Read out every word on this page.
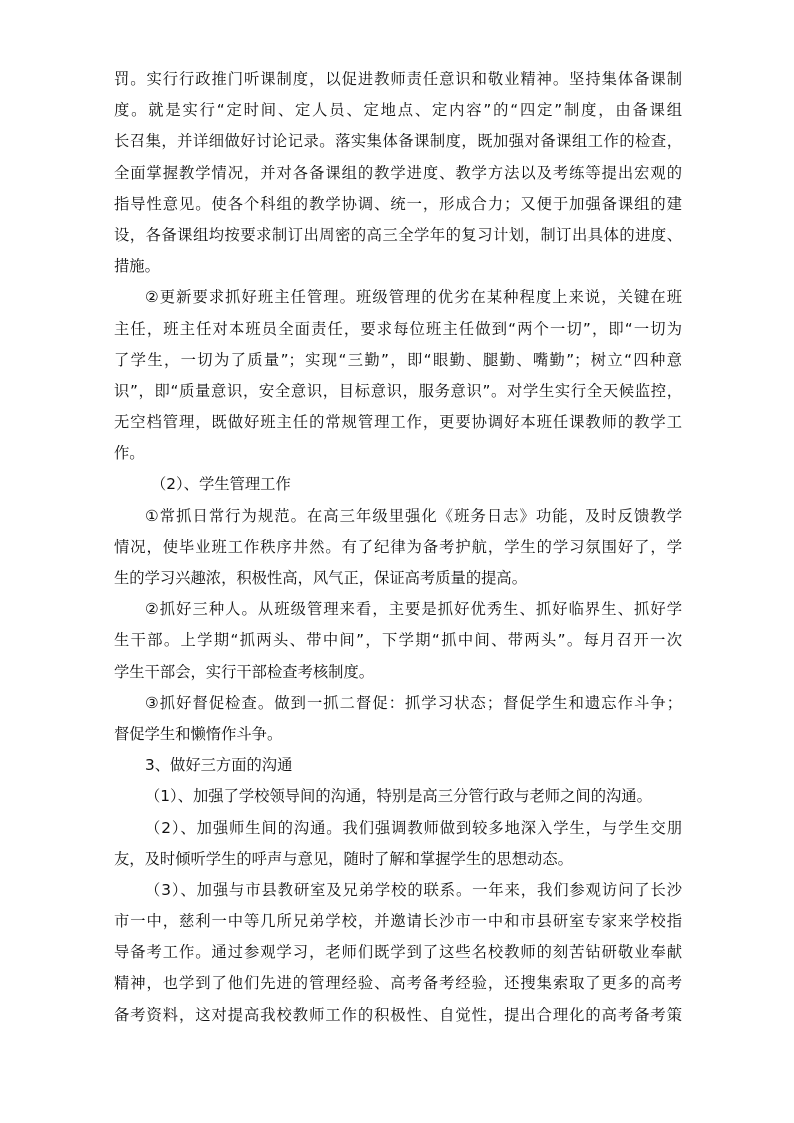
罚。实行行政推门听课制度，以促进教师责任意识和敬业精神。坚持集体备课制
度。就是实行“定时间、定人员、定地点、定内容”的“四定”制度，由备课组
长召集，并详细做好讨论记录。落实集体备课制度，既加强对备课组工作的检查，
全面掌握教学情况，并对各备课组的教学进度、教学方法以及考练等提出宏观的
指导性意见。使各个科组的教学协调、统一，形成合力；又便于加强备课组的建
设，各备课组均按要求制订出周密的高三全学年的复习计划，制订出具体的进度、
措施。
②更新要求抓好班主任管理。班级管理的优劣在某种程度上来说，关键在班
主任，班主任对本班员全面责任，要求每位班主任做到“两个一切”，即“一切为
了学生，一切为了质量”；实现“三勤”，即“眼勤、腿勤、嘴勤”；树立“四种意
识”，即“质量意识，安全意识，目标意识，服务意识”。对学生实行全天候监控，
无空档管理，既做好班主任的常规管理工作，更要协调好本班任课教师的教学工
作。
（2）、学生管理工作
①常抓日常行为规范。在高三年级里强化《班务日志》功能，及时反馈教学
情况，使毕业班工作秩序井然。有了纪律为备考护航，学生的学习氛围好了，学
生的学习兴趣浓，积极性高，风气正，保证高考质量的提高。
②抓好三种人。从班级管理来看，主要是抓好优秀生、抓好临界生、抓好学
生干部。上学期“抓两头、带中间”，下学期“抓中间、带两头”。每月召开一次
学生干部会，实行干部检查考核制度。
③抓好督促检查。做到一抓二督促：抓学习状态；督促学生和遗忘作斗争；
督促学生和懒惰作斗争。
3、做好三方面的沟通
（1）、加强了学校领导间的沟通，特别是高三分管行政与老师之间的沟通。
（2）、加强师生间的沟通。我们强调教师做到较多地深入学生，与学生交朋
友，及时倾听学生的呼声与意见，随时了解和掌握学生的思想动态。
（3）、加强与市县教研室及兄弟学校的联系。一年来，我们参观访问了长沙
市一中，慈利一中等几所兄弟学校，并邀请长沙市一中和市县研室专家来学校指
导备考工作。通过参观学习，老师们既学到了这些名校教师的刻苦钻研敬业奉献
精神，也学到了他们先进的管理经验、高考备考经验，还搜集索取了更多的高考
备考资料，这对提高我校教师工作的积极性、自觉性，提出合理化的高考备考策
